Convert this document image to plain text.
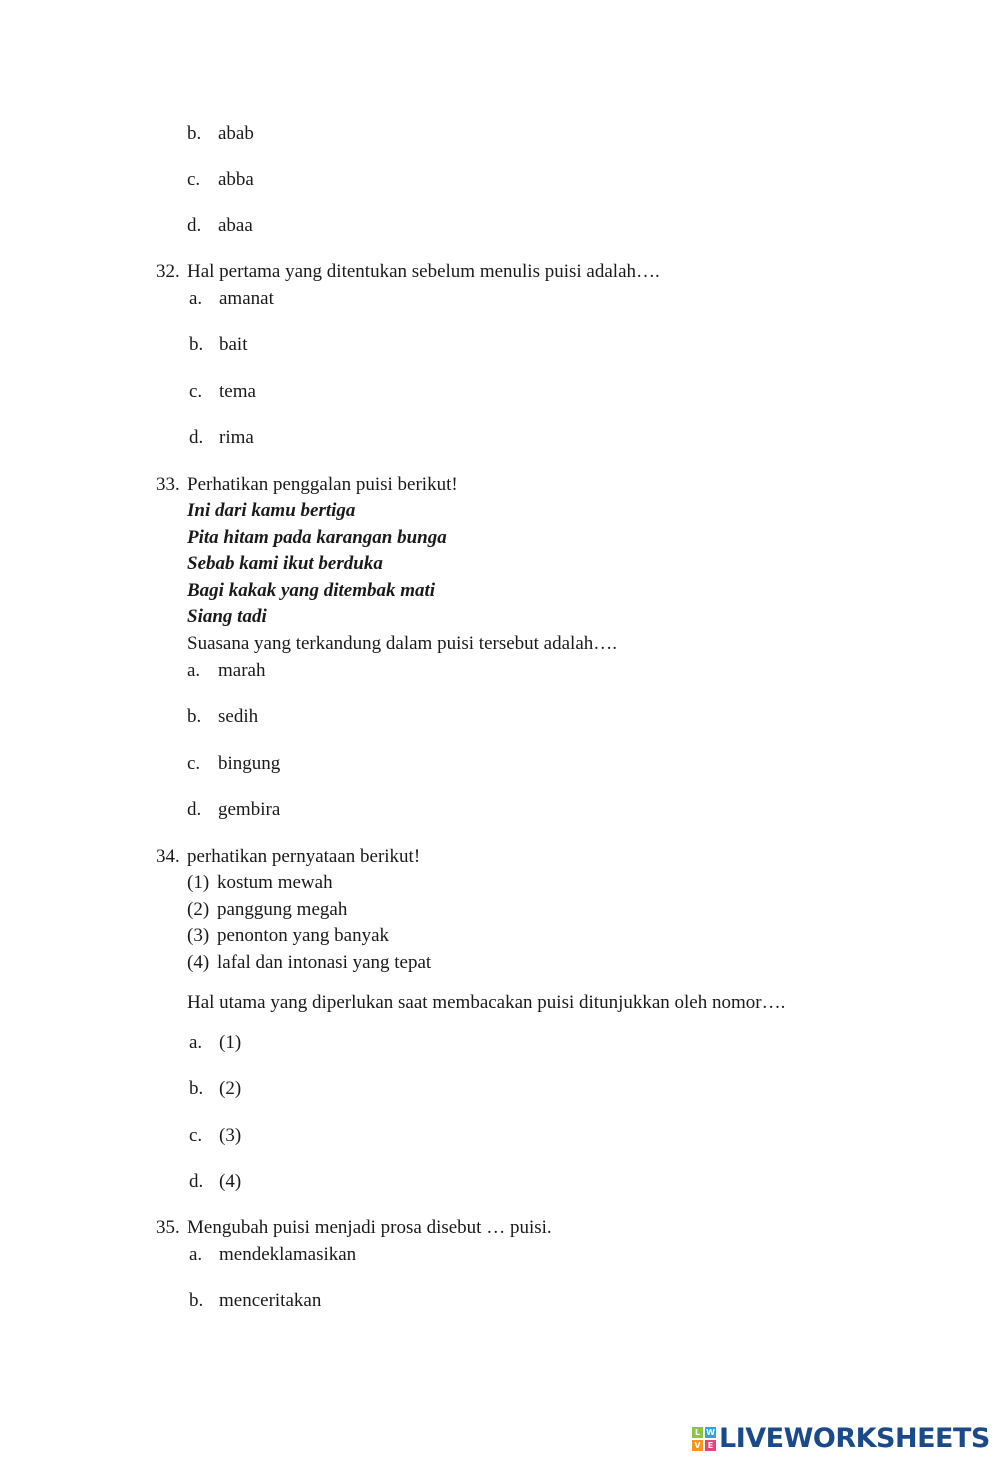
b. abab
c. abba
d. abaa
32. Hal pertama yang ditentukan sebelum menulis puisi adalah….
a. amanat
b. bait
c. tema
d. rima
33. Perhatikan penggalan puisi berikut!
Ini dari kamu bertiga
Pita hitam pada karangan bunga
Sebab kami ikut berduka
Bagi kakak yang ditembak mati
Siang tadi
Suasana yang terkandung dalam puisi tersebut adalah….
a. marah
b. sedih
c. bingung
d. gembira
34. perhatikan pernyataan berikut!
(1) kostum mewah
(2) panggung megah
(3) penonton yang banyak
(4) lafal dan intonasi yang tepat
Hal utama yang diperlukan saat membacakan puisi ditunjukkan oleh nomor….
a. (1)
b. (2)
c. (3)
d. (4)
35. Mengubah puisi menjadi prosa disebut … puisi.
a. mendeklamasikan
b. menceritakan
L W
V E LIVEWORKSHEETS
